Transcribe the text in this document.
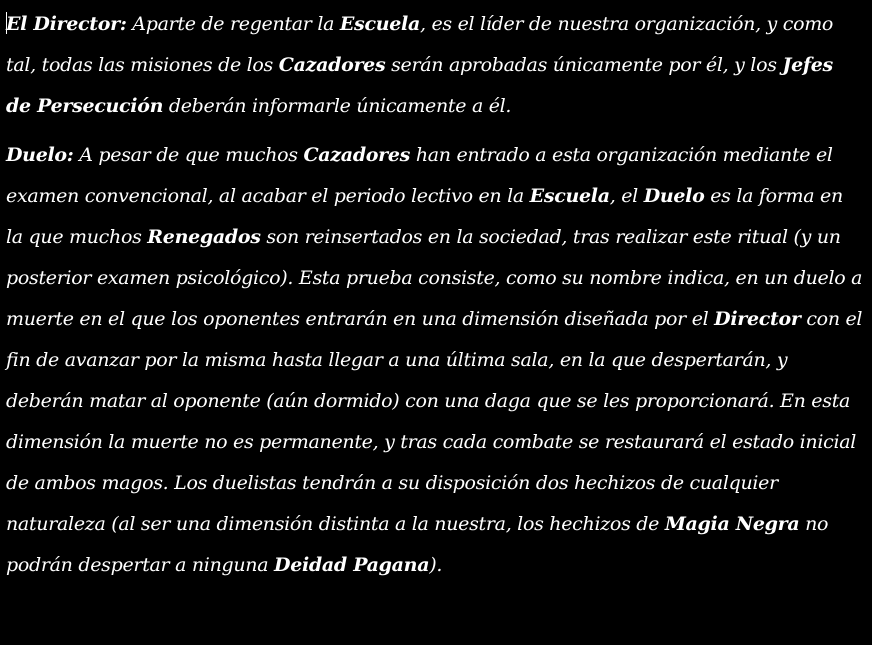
El Director: Aparte de regentar la Escuela, es el líder de nuestra organización, y como tal, todas las misiones de los Cazadores serán aprobadas únicamente por él, y los Jefes de Persecución deberán informarle únicamente a él.

Duelo: A pesar de que muchos Cazadores han entrado a esta organización mediante el examen convencional, al acabar el periodo lectivo en la Escuela, el Duelo es la forma en la que muchos Renegados son reinsertados en la sociedad, tras realizar este ritual (y un posterior examen psicológico). Esta prueba consiste, como su nombre indica, en un duelo a muerte en el que los oponentes entrarán en una dimensión diseñada por el Director con el fin de avanzar por la misma hasta llegar a una última sala, en la que despertarán, y deberán matar al oponente (aún dormido) con una daga que se les proporcionará. En esta dimensión la muerte no es permanente, y tras cada combate se restaurará el estado inicial de ambos magos. Los duelistas tendrán a su disposición dos hechizos de cualquier naturaleza (al ser una dimensión distinta a la nuestra, los hechizos de Magia Negra no podrán despertar a ninguna Deidad Pagana).
